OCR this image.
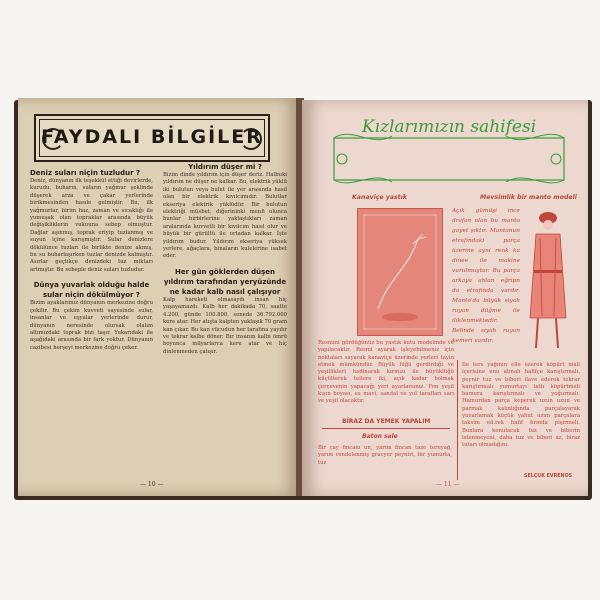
FAYDALI BİLGİLER
Deniz suları niçin tuzludur ?

Deniz, dünyanın ilk teşekkül ettiği devirlerde, kurudu, buharın, suların yağmur şeklinde düşerek arza ve çakar yerlerinde birikmesinden hasıle gelmiştir. Bu, ilk yağmurlar, birim haz, zaman ve sıcaklığı ile yumuşak olan topraklar arasında büyük değişikliklerin vukuuna sebep olmuştur. Dağlar aşınmış, toprak eriyip tuzlanmış ve suyun içine karışmıştır. Sular denizlere dökülünce tuzları ile birlikte denize akmış, bu su buharlaşırken tuzlar denizde kalmıştır. Asırlar geçtikçe denizdeki tuz miktarı artmıştır. Bu sebeple deniz suları tuzludur.

Dünya yuvarlak olduğu halde sular niçin dökülmüyor ?

Bizim ayaklarımız dünyanın merkezine doğru çekilir. Bu çekim kuvveti sayesinde sular, insanlar ve eşyalar yerlerinde durur, dünyanın neresinde olursak olalım altımızdaki toprak bizi taşır. Yukarıdaki ile aşağıdaki arasında bir fark yoktur. Dünyanın cazibesi herşeyi merkezine doğru çeker.

Yıldırım düşer mi ?

Bizim dinde yıldırım için düşer deriz. Halbuki yıldırım ne düşer ne kalkar. Bu, elektrik yüklü iki bulutun veya bulut ile yer arasında hasıl olan bir elektrik kıvılcımıdır. Bulutlar ekseriya elektrik yüklüdür. Bir bulutun elektriği müsbet, diğerininki menfi olunca bunlar birbirlerine yaklaştıkları zaman aralarında kuvvetli bir kıvılcım hasıl olur ve büyük bir gürültü ile ortadan kalkar. İşte yıldırım budur. Yıldırım ekseriya yüksek yerlere, ağaçlara, binaların kulelerine isabet eder.

Her gün göklerden düşen yıldırım tarafından yeryüzünde ne kadar kalb nasıl çalışıyor

Kalp hareketi olmasaydı insan hiç yaşayamazdı. Kalb her dakikada 70, saatte 4.200, günde 100.800, senede 36.792.000 kere atar. Her atışta kalpten yaklaşık 70 gram kan çıkar. Bu kan vücudun her tarafına yayılır ve tekrar kalbe döner. Bir insanın kalbi ömrü boyunca milyarlarca kere atar ve hiç dinlenmeden çalışır.

— 10 —
Kızlarımızın sahifesi
Kanaviçe yastık	Mevsimlik bir manto modeli
Açık gümüşi ince drafan olan bu manto gayet şıktır. Mantonun etrafındaki parça üzerine ayni renk ka dinee ile makine vurulmuştur. Bu parça arkaya ahlan eğripn da etrafında vardır. Manto'da büyük siyah ruyan düğme ile iliklenmektedir. Belinde siyah ruyan kemeri vardır.
Resmini gördüğünüz bu yastık kutu modelinde ve yapılacaktır. Resmi ayarak işleyebilmeniz için noktaları sayarak kanaviçe üzerinde yerleri tayin etmek mümkündür. Büyük lüğü gerdirdiği ve yeşillikleri hadinarak kırmızı ile büyüklüğü küçülterek teilere iki, açık kadar bolmak çerçevenin yapacağı yeri ayarlarsınız. Fon yeşil kışın boyası, su mavi, sandal ve yol tarafları sarı ve yeşil olacaktır.
BİRAZ DA YEMEK YAPALIM
Baton sale
Bir çay fincanı un, yarım fincan taze tereyağ, yarım rendelenmiş gravyer peyniri, bir yumurta, tuz
İle ters yağının elle ezerek köpürt mali içerisine unu atmalı hafifçe karıştırmalı, peynir tuz ve biberi ilave ederek tekrar karıştırmalı yumurtayı tatlı köpürtmeli hamura karıştırmalı ve yoğurmalı. Hamurdan parça keperek uzun uzun ve parmak kalınlığında parçalayarak yuvarlamak küçük yahut uzun parçalara taksim ed.rek hafif fırında pişirmeli. Bunlara konulacak tuz ve biberin istenmeyeni, daha tuz ve biberi az, biraz tutarı olmadığını.
SELÇUK EVRENOS
— 11 —
